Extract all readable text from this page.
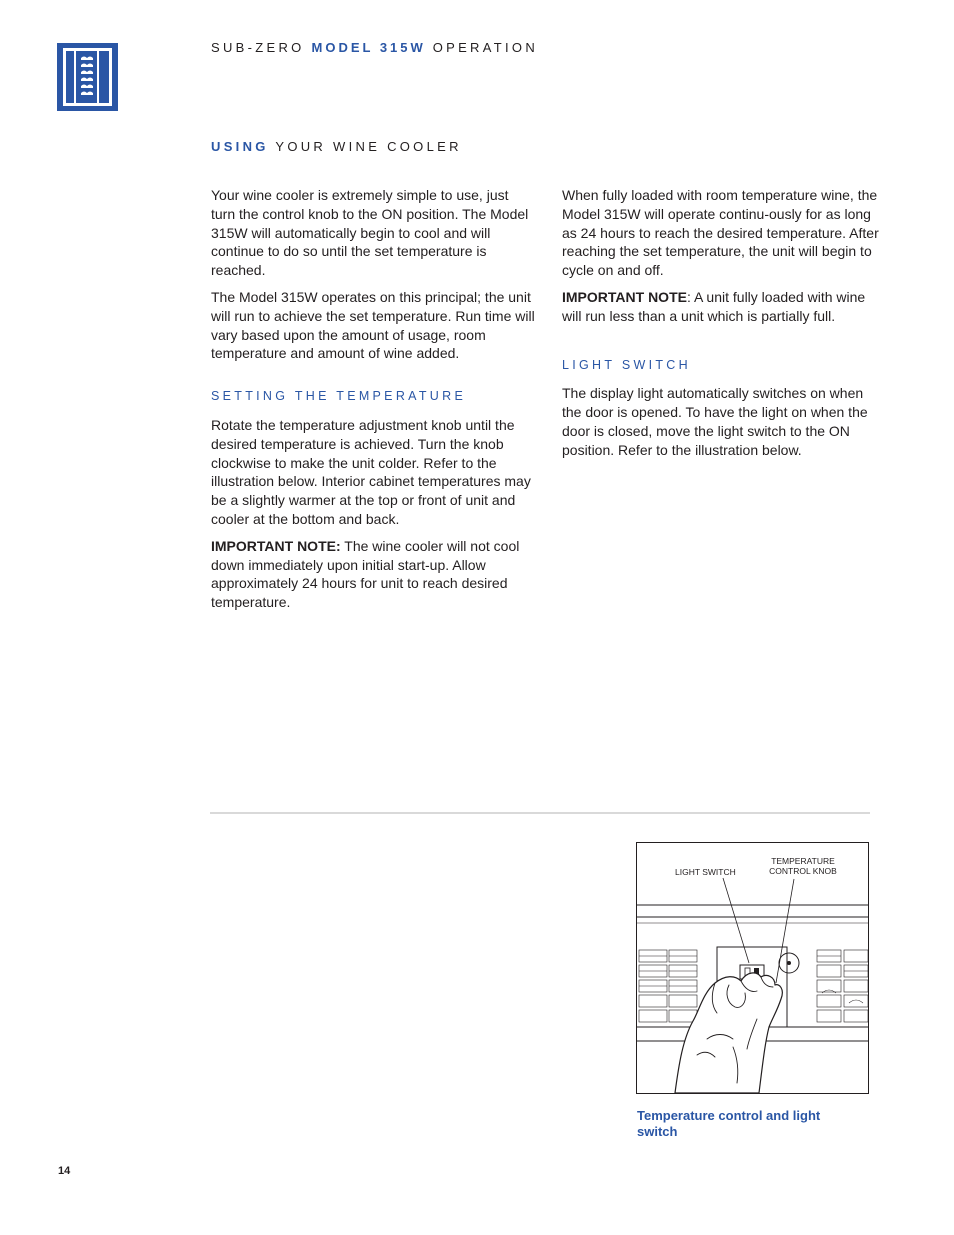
SUB-ZERO MODEL 315W OPERATION
USING YOUR WINE COOLER

Your wine cooler is extremely simple to use, just turn the control knob to the ON position. The Model 315W will automatically begin to cool and will continue to do so until the set temperature is reached.

The Model 315W operates on this principal; the unit will run to achieve the set temperature. Run time will vary based upon the amount of usage, room temperature and amount of wine added.

SETTING THE TEMPERATURE

Rotate the temperature adjustment knob until the desired temperature is achieved. Turn the knob clockwise to make the unit colder. Refer to the illustration below. Interior cabinet temperatures may be a slightly warmer at the top or front of unit and cooler at the bottom and back.

IMPORTANT NOTE: The wine cooler will not cool down immediately upon initial start-up. Allow approximately 24 hours for unit to reach desired temperature.

When fully loaded with room temperature wine, the Model 315W will operate continu-ously for as long as 24 hours to reach the desired temperature. After reaching the set temperature, the unit will begin to cycle on and off.

IMPORTANT NOTE: A unit fully loaded with wine will run less than a unit which is partially full.

LIGHT SWITCH

The display light automatically switches on when the door is opened. To have the light on when the door is closed, move the light switch to the ON position. Refer to the illustration below.

LIGHT SWITCH
TEMPERATURE CONTROL KNOB
Temperature control and light switch
14
